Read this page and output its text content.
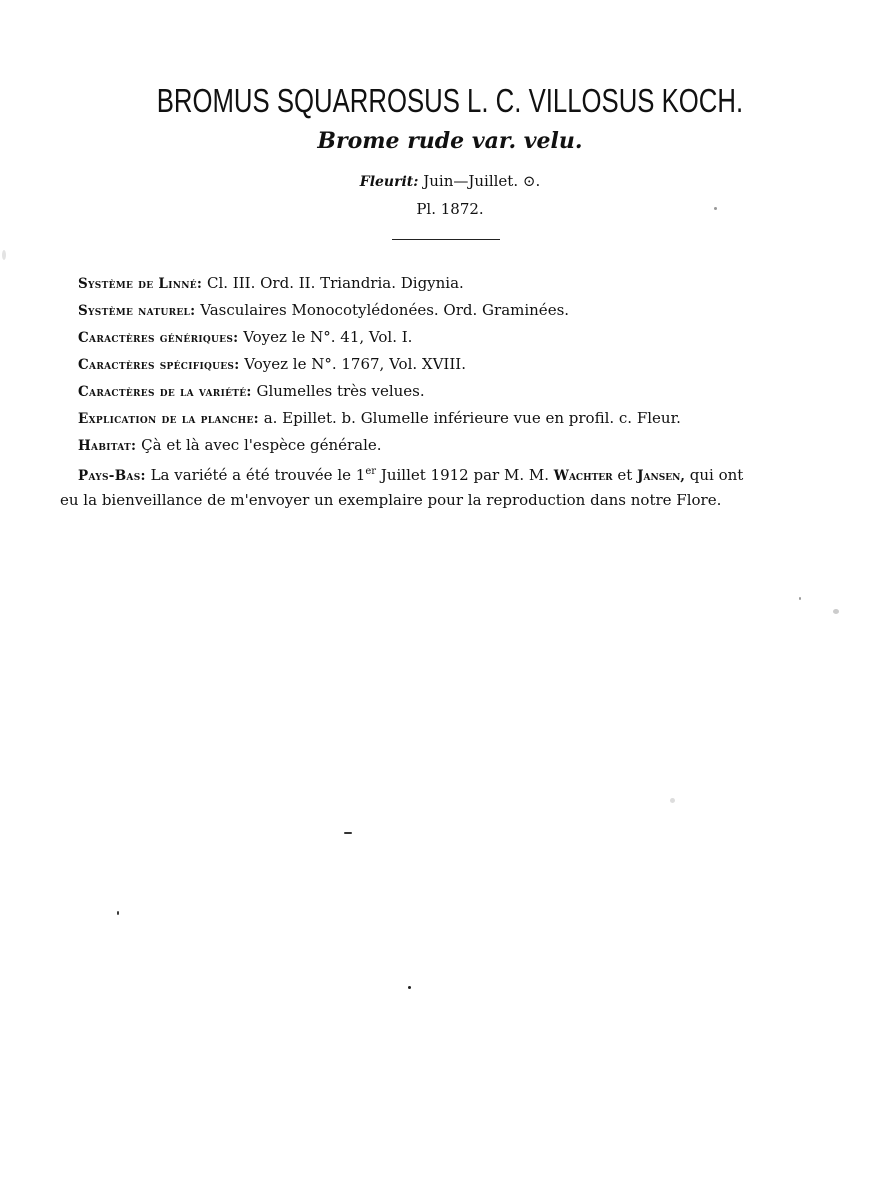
BROMUS SQUARROSUS L. C. VILLOSUS KOCH.
Brome rude var. velu.
Fleurit: Juin—Juillet. ⊙.
Pl. 1872.
Système de Linné: Cl. III. Ord. II. Triandria. Digynia.
Système naturel: Vasculaires Monocotylédonées. Ord. Graminées.
Caractères génériques: Voyez le N°. 41, Vol. I.
Caractères spécifiques: Voyez le N°. 1767, Vol. XVIII.
Caractères de la variété: Glumelles très velues.
Explication de la planche: a. Epillet. b. Glumelle inférieure vue en profil. c. Fleur.
Habitat: Çà et là avec l'espèce générale.
Pays-Bas: La variété a été trouvée le 1er Juillet 1912 par M. M. Wachter et Jansen, qui ont
eu la bienveillance de m'envoyer un exemplaire pour la reproduction dans notre Flore.
